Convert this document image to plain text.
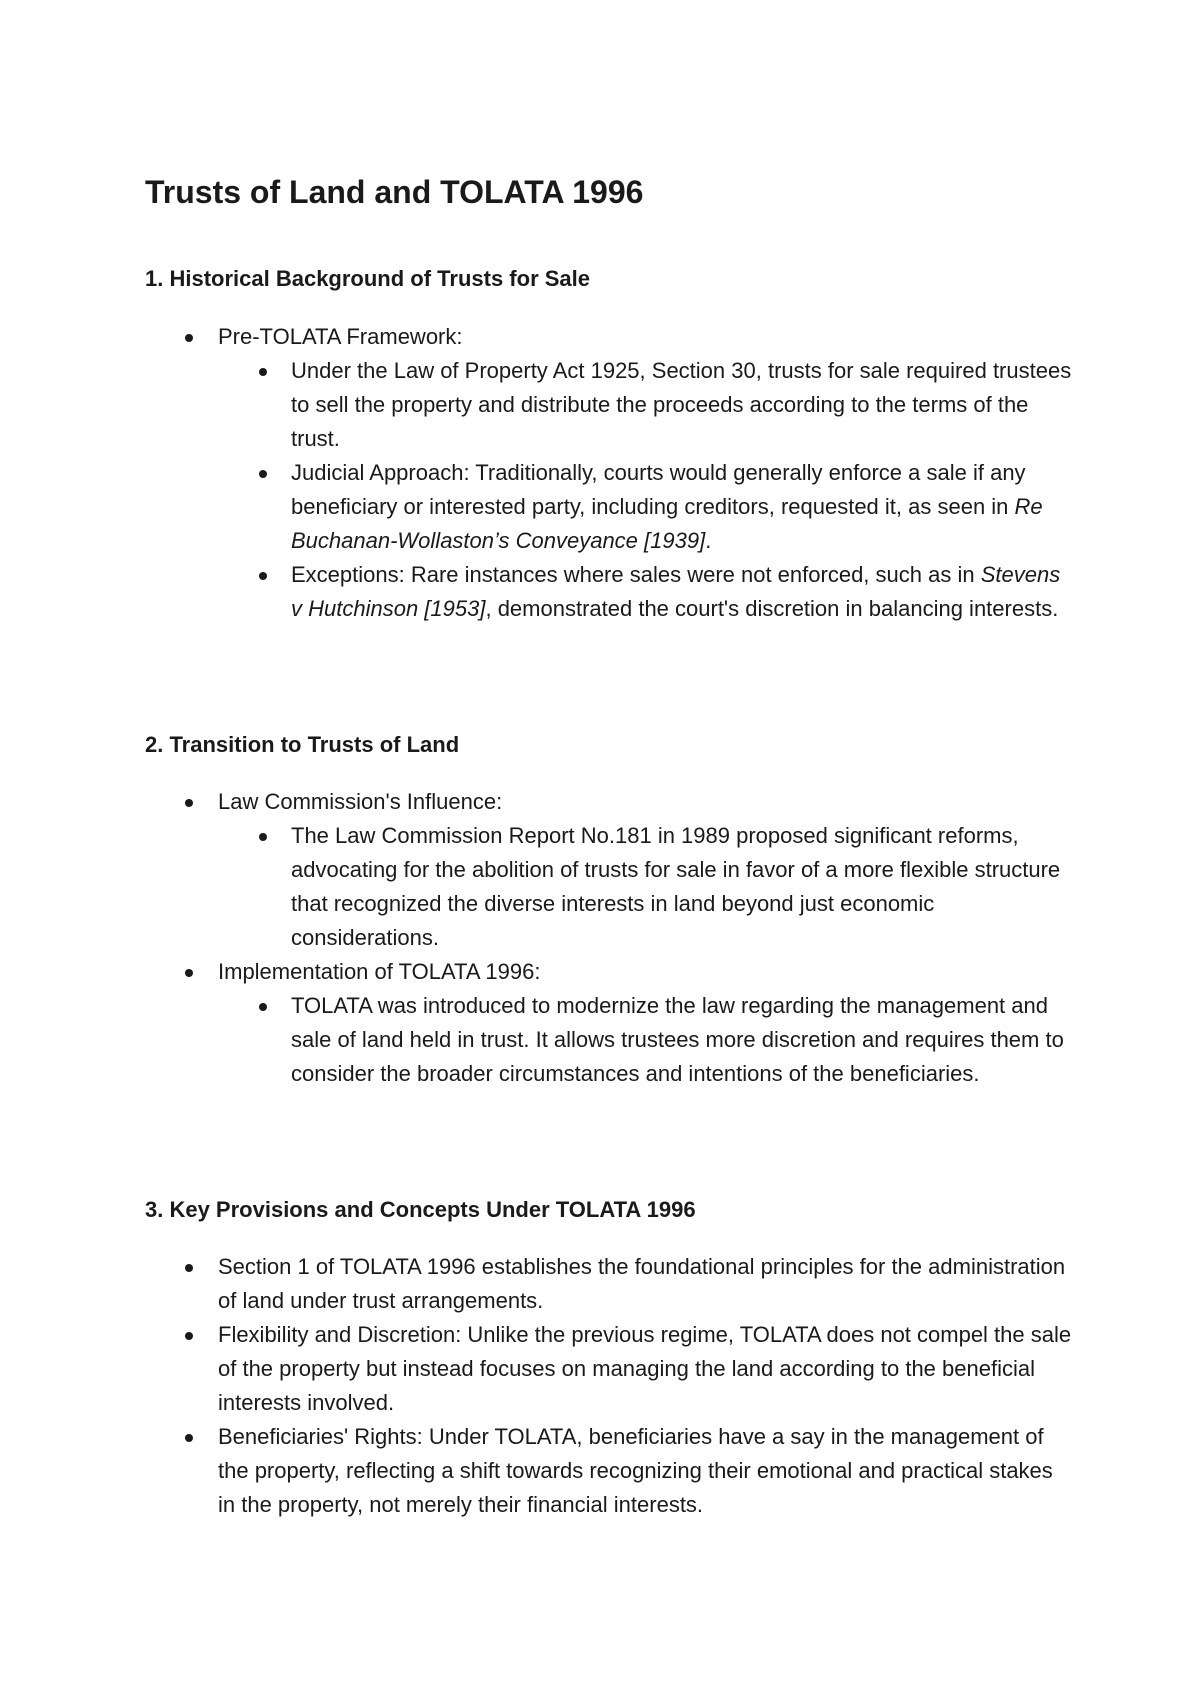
Trusts of Land and TOLATA 1996
1. Historical Background of Trusts for Sale
Pre-TOLATA Framework:
Under the Law of Property Act 1925, Section 30, trusts for sale required trustees to sell the property and distribute the proceeds according to the terms of the trust.
Judicial Approach: Traditionally, courts would generally enforce a sale if any beneficiary or interested party, including creditors, requested it, as seen in Re Buchanan-Wollaston’s Conveyance [1939].
Exceptions: Rare instances where sales were not enforced, such as in Stevens v Hutchinson [1953], demonstrated the court's discretion in balancing interests.
2. Transition to Trusts of Land
Law Commission's Influence:
The Law Commission Report No.181 in 1989 proposed significant reforms, advocating for the abolition of trusts for sale in favor of a more flexible structure that recognized the diverse interests in land beyond just economic considerations.
Implementation of TOLATA 1996:
TOLATA was introduced to modernize the law regarding the management and sale of land held in trust. It allows trustees more discretion and requires them to consider the broader circumstances and intentions of the beneficiaries.
3. Key Provisions and Concepts Under TOLATA 1996
Section 1 of TOLATA 1996 establishes the foundational principles for the administration of land under trust arrangements.
Flexibility and Discretion: Unlike the previous regime, TOLATA does not compel the sale of the property but instead focuses on managing the land according to the beneficial interests involved.
Beneficiaries' Rights: Under TOLATA, beneficiaries have a say in the management of the property, reflecting a shift towards recognizing their emotional and practical stakes in the property, not merely their financial interests.
